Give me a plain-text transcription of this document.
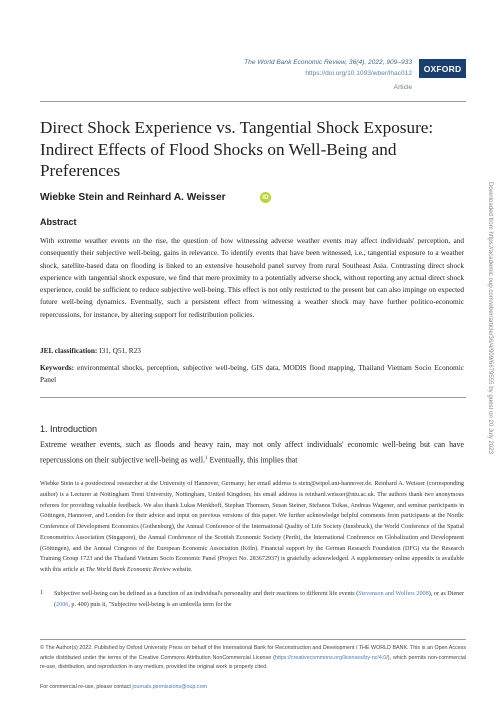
The World Bank Economic Review, 36(4), 2022, 909–933
https://doi.org/10.1093/wber/lhac012
Article
OXFORD
Direct Shock Experience vs. Tangential Shock Exposure: Indirect Effects of Flood Shocks on Well-Being and Preferences
Wiebke Stein and Reinhard A. Weisser	iD
Abstract

With extreme weather events on the rise, the question of how witnessing adverse weather events may affect individuals' perception, and consequently their subjective well-being, gains in relevance. To identify events that have been witnessed, i.e., tangential exposure to a weather shock, satellite-based data on flooding is linked to an extensive household panel survey from rural Southeast Asia. Contrasting direct shock experience with tangential shock exposure, we find that mere proximity to a potentially adverse shock, without reporting any actual direct shock experience, could be sufficient to reduce subjective well-being. This effect is not only restricted to the present but can also impinge on expected future well-being dynamics. Eventually, such a persistent effect from witnessing a weather shock may have further politico-economic repercussions, for instance, by altering support for redistribution policies.

JEL classification: I31, Q51, R23

Keywords: environmental shocks, perception, subjective well-being, GIS data, MODIS flood mapping, Thailand Vietnam Socio Economic Panel

1. Introduction

Extreme weather events, such as floods and heavy rain, may not only affect individuals' economic well-being but can have repercussions on their subjective well-being as well.$^1$ Eventually, this implies that

Wiebke Stein is a postdoctoral researcher at the University of Hannover, Germany; her email address is stein@wipol.uni-hannover.de. Reinhard A. Weisser (corresponding author) is a Lecturer at Nottingham Trent University, Nottingham, United Kingdom; his email address is reinhard.weisser@ntu.ac.uk. The authors thank two anonymous referees for providing valuable feedback. We also thank Lukas Menkhoff, Stephan Thomsen, Susan Steiner, Stefanos Tsikas, Andreas Wagener, and seminar participants in Göttingen, Hannover, and London for their advice and input on previous versions of this paper. We further acknowledge helpful comments from participants at the Nordic Conference of Development Economics (Gothenburg), the Annual Conference of the International Quality of Life Society (Innsbruck), the World Conference of the Spatial Econometrics Association (Singapore), the Annual Conference of the Scottish Economic Society (Perth), the International Conference on Globalization and Development (Göttingen), and the Annual Congress of the European Economic Association (Köln). Financial support by the German Research Foundation (DFG) via the Research Training Group 1723 and the Thailand Vietnam Socio Economic Panel (Project No. 283672937) is gratefully acknowledged. A supplementary online appendix is available with this article at The World Bank Economic Review website.

1 Subjective well-being can be defined as a function of an individual's personality and their reactions to different life events (Stevenson and Wolfers 2008), or as Diener (2006, p. 400) puts it, "Subjective well-being is an umbrella term for the

© The Author(s) 2022. Published by Oxford University Press on behalf of the International Bank for Reconstruction and Development / THE WORLD BANK. This is an Open Access article distributed under the terms of the Creative Commons Attribution NonCommercial License (https://creativecommons.org/licenses/by-nc/4.0/), which permits non-commercial re-use, distribution, and reproduction in any medium, provided the original work is properly cited.

For commercial re-use, please contact journals.permissions@oup.com

Downloaded from https://academic.oup.com/wber/article/36/4/909/6679555 by guest on 20 July 2023
